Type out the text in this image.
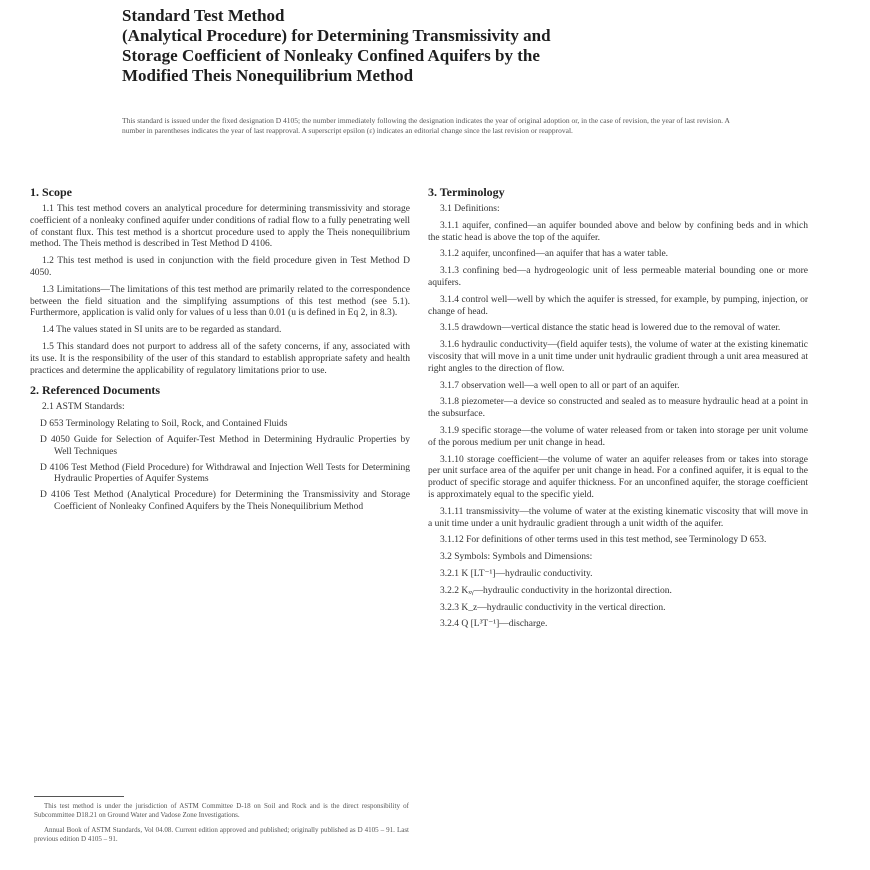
Standard Test Method
(Analytical Procedure) for Determining Transmissivity and
Storage Coefficient of Nonleaky Confined Aquifers by the
Modified Theis Nonequilibrium Method
This standard is issued under the fixed designation D 4105; the number immediately following the designation indicates the year of original adoption or, in the case of revision, the year of last revision. A number in parentheses indicates the year of last reapproval. A superscript epsilon (ε) indicates an editorial change since the last revision or reapproval.
1. Scope

1.1 This test method covers an analytical procedure for determining transmissivity and storage coefficient of a nonleaky confined aquifer under conditions of radial flow to a fully penetrating well of constant flux. This test method is a shortcut procedure used to apply the Theis nonequilibrium method. The Theis method is described in Test Method D 4106.

1.2 This test method is used in conjunction with the field procedure given in Test Method D 4050.

1.3 Limitations—The limitations of this test method are primarily related to the correspondence between the field situation and the simplifying assumptions of this test method (see 5.1). Furthermore, application is valid only for values of u less than 0.01 (u is defined in Eq 2, in 8.3).

1.4 The values stated in SI units are to be regarded as standard.

1.5 This standard does not purport to address all of the safety concerns, if any, associated with its use. It is the responsibility of the user of this standard to establish appropriate safety and health practices and determine the applicability of regulatory limitations prior to use.

2. Referenced Documents

2.1 ASTM Standards:

D 653 Terminology Relating to Soil, Rock, and Contained Fluids

D 4050 Guide for Selection of Aquifer-Test Method in Determining Hydraulic Properties by Well Techniques

D 4106 Test Method (Field Procedure) for Withdrawal and Injection Well Tests for Determining Hydraulic Properties of Aquifer Systems

D 4106 Test Method (Analytical Procedure) for Determining the Transmissivity and Storage Coefficient of Nonleaky Confined Aquifers by the Theis Nonequilibrium Method

3. Terminology

3.1 Definitions:

3.1.1 aquifer, confined—an aquifer bounded above and below by confining beds and in which the static head is above the top of the aquifer.

3.1.2 aquifer, unconfined—an aquifer that has a water table.

3.1.3 confining bed—a hydrogeologic unit of less permeable material bounding one or more aquifers.

3.1.4 control well—well by which the aquifer is stressed, for example, by pumping, injection, or change of head.

3.1.5 drawdown—vertical distance the static head is lowered due to the removal of water.

3.1.6 hydraulic conductivity—(field aquifer tests), the volume of water at the existing kinematic viscosity that will move in a unit time under unit hydraulic gradient through a unit area measured at right angles to the direction of flow.

3.1.7 observation well—a well open to all or part of an aquifer.

3.1.8 piezometer—a device so constructed and sealed as to measure hydraulic head at a point in the subsurface.

3.1.9 specific storage—the volume of water released from or taken into storage per unit volume of the porous medium per unit change in head.

3.1.10 storage coefficient—the volume of water an aquifer releases from or takes into storage per unit surface area of the aquifer per unit change in head. For a confined aquifer, it is equal to the product of specific storage and aquifer thickness. For an unconfined aquifer, the storage coefficient is approximately equal to the specific yield.

3.1.11 transmissivity—the volume of water at the existing kinematic viscosity that will move in a unit time under a unit hydraulic gradient through a unit width of the aquifer.

3.1.12 For definitions of other terms used in this test method, see Terminology D 653.

3.2 Symbols: Symbols and Dimensions:

3.2.1 K [LT⁻¹]—hydraulic conductivity.

3.2.2 Kₓᵧ—hydraulic conductivity in the horizontal direction.

3.2.3 K_z—hydraulic conductivity in the vertical direction.

3.2.4 Q [L³T⁻¹]—discharge.

This test method is under the jurisdiction of ASTM Committee D-18 on Soil and Rock and is the direct responsibility of Subcommittee D18.21 on Ground Water and Vadose Zone Investigations.

Annual Book of ASTM Standards, Vol 04.08. Current edition approved and published; originally published as D 4105 – 91. Last previous edition D 4105 – 91.
